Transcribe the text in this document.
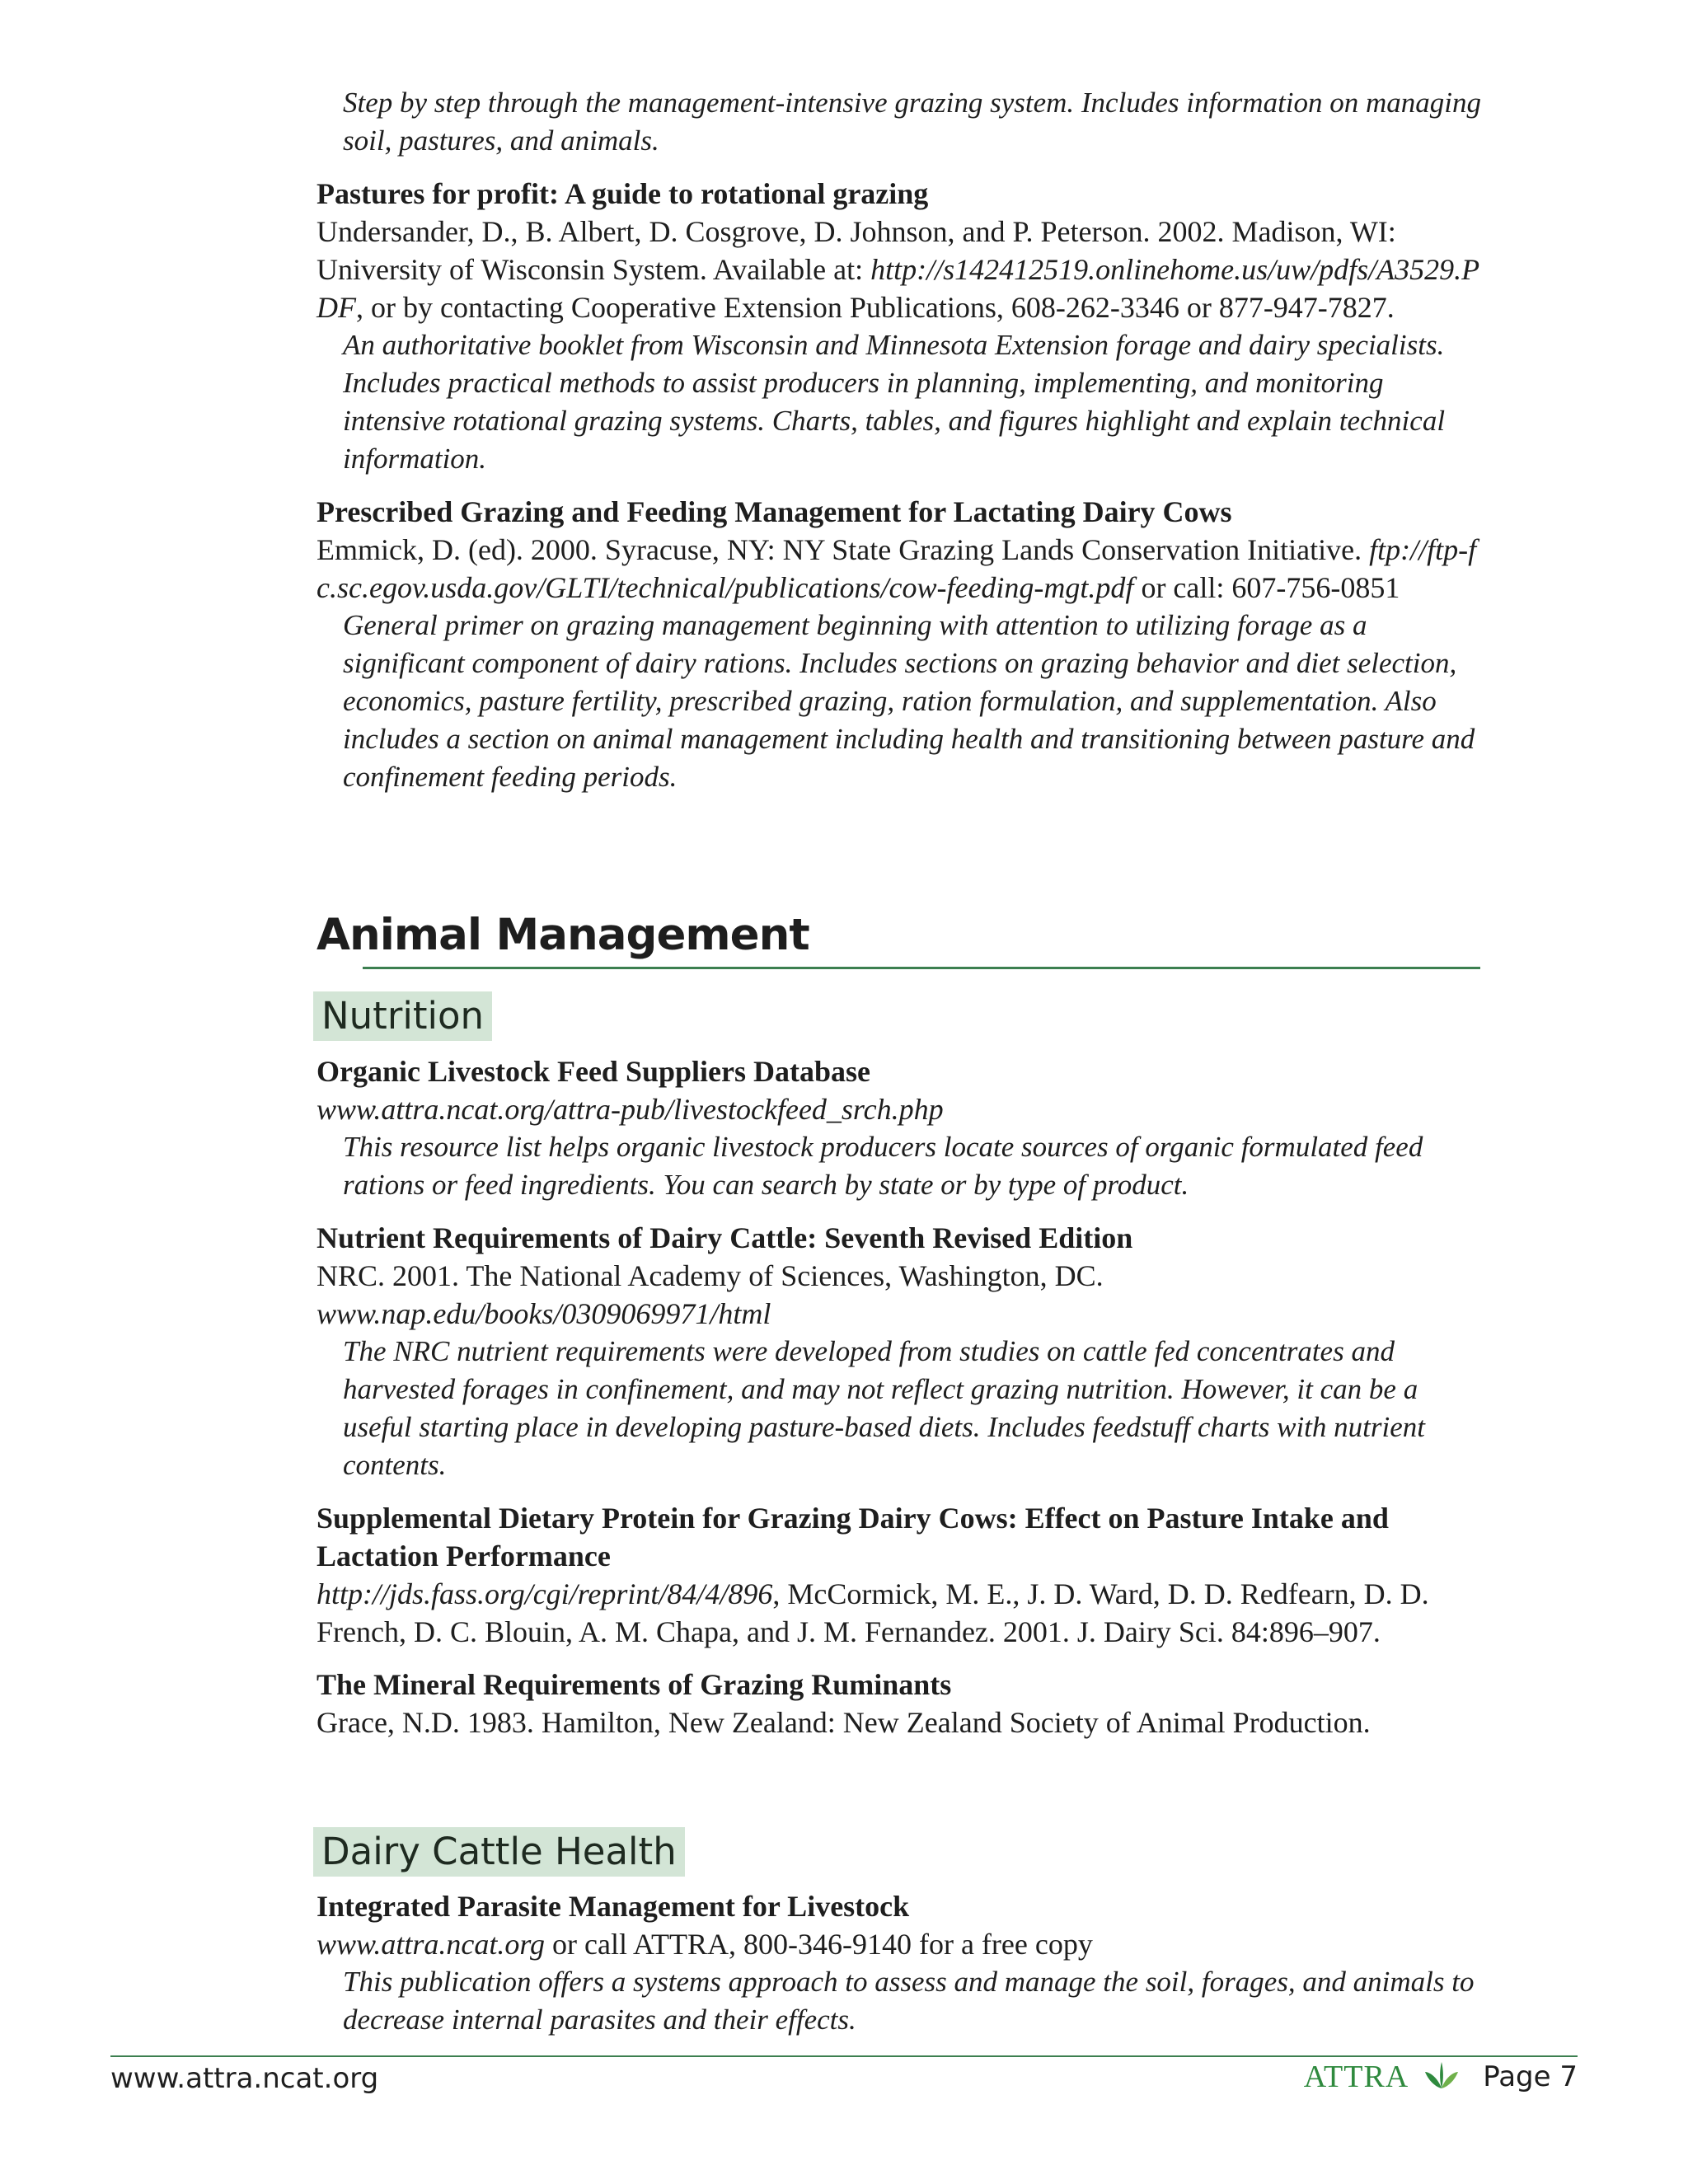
Step by step through the management-intensive grazing system. Includes information on managing soil, pastures, and animals.
Pastures for profit: A guide to rotational grazing
Undersander, D., B. Albert, D. Cosgrove, D. Johnson, and P. Peterson. 2002. Madison, WI: University of Wisconsin System. Available at: http://s142412519.onlinehome.us/uw/pdfs/A3529.PDF, or by contacting Cooperative Extension Publications, 608-262-3346 or 877-947-7827.
An authoritative booklet from Wisconsin and Minnesota Extension forage and dairy specialists. Includes practical methods to assist producers in planning, implementing, and monitoring intensive rotational grazing systems. Charts, tables, and figures highlight and explain technical information.
Prescribed Grazing and Feeding Management for Lactating Dairy Cows
Emmick, D. (ed). 2000. Syracuse, NY: NY State Grazing Lands Conservation Initiative. ftp://ftp-fc.sc.egov.usda.gov/GLTI/technical/publications/cow-feeding-mgt.pdf or call: 607-756-0851
General primer on grazing management beginning with attention to utilizing forage as a significant component of dairy rations. Includes sections on grazing behavior and diet selection, economics, pasture fertility, prescribed grazing, ration formulation, and supplementation. Also includes a section on animal management including health and transitioning between pasture and confinement feeding periods.
Animal Management
Nutrition
Organic Livestock Feed Suppliers Database
www.attra.ncat.org/attra-pub/livestockfeed_srch.php
This resource list helps organic livestock producers locate sources of organic formulated feed rations or feed ingredients. You can search by state or by type of product.
Nutrient Requirements of Dairy Cattle: Seventh Revised Edition
NRC. 2001. The National Academy of Sciences, Washington, DC.
www.nap.edu/books/0309069971/html
The NRC nutrient requirements were developed from studies on cattle fed concentrates and harvested forages in confinement, and may not reflect grazing nutrition. However, it can be a useful starting place in developing pasture-based diets. Includes feedstuff charts with nutrient contents.
Supplemental Dietary Protein for Grazing Dairy Cows: Effect on Pasture Intake and Lactation Performance
http://jds.fass.org/cgi/reprint/84/4/896, McCormick, M. E., J. D. Ward, D. D. Redfearn, D. D. French, D. C. Blouin, A. M. Chapa, and J. M. Fernandez. 2001. J. Dairy Sci. 84:896–907.
The Mineral Requirements of Grazing Ruminants
Grace, N.D. 1983. Hamilton, New Zealand: New Zealand Society of Animal Production.
Dairy Cattle Health
Integrated Parasite Management for Livestock
www.attra.ncat.org or call ATTRA, 800-346-9140 for a free copy
This publication offers a systems approach to assess and manage the soil, forages, and animals to decrease internal parasites and their effects.
www.attra.ncat.org	ATTRA	Page 7
